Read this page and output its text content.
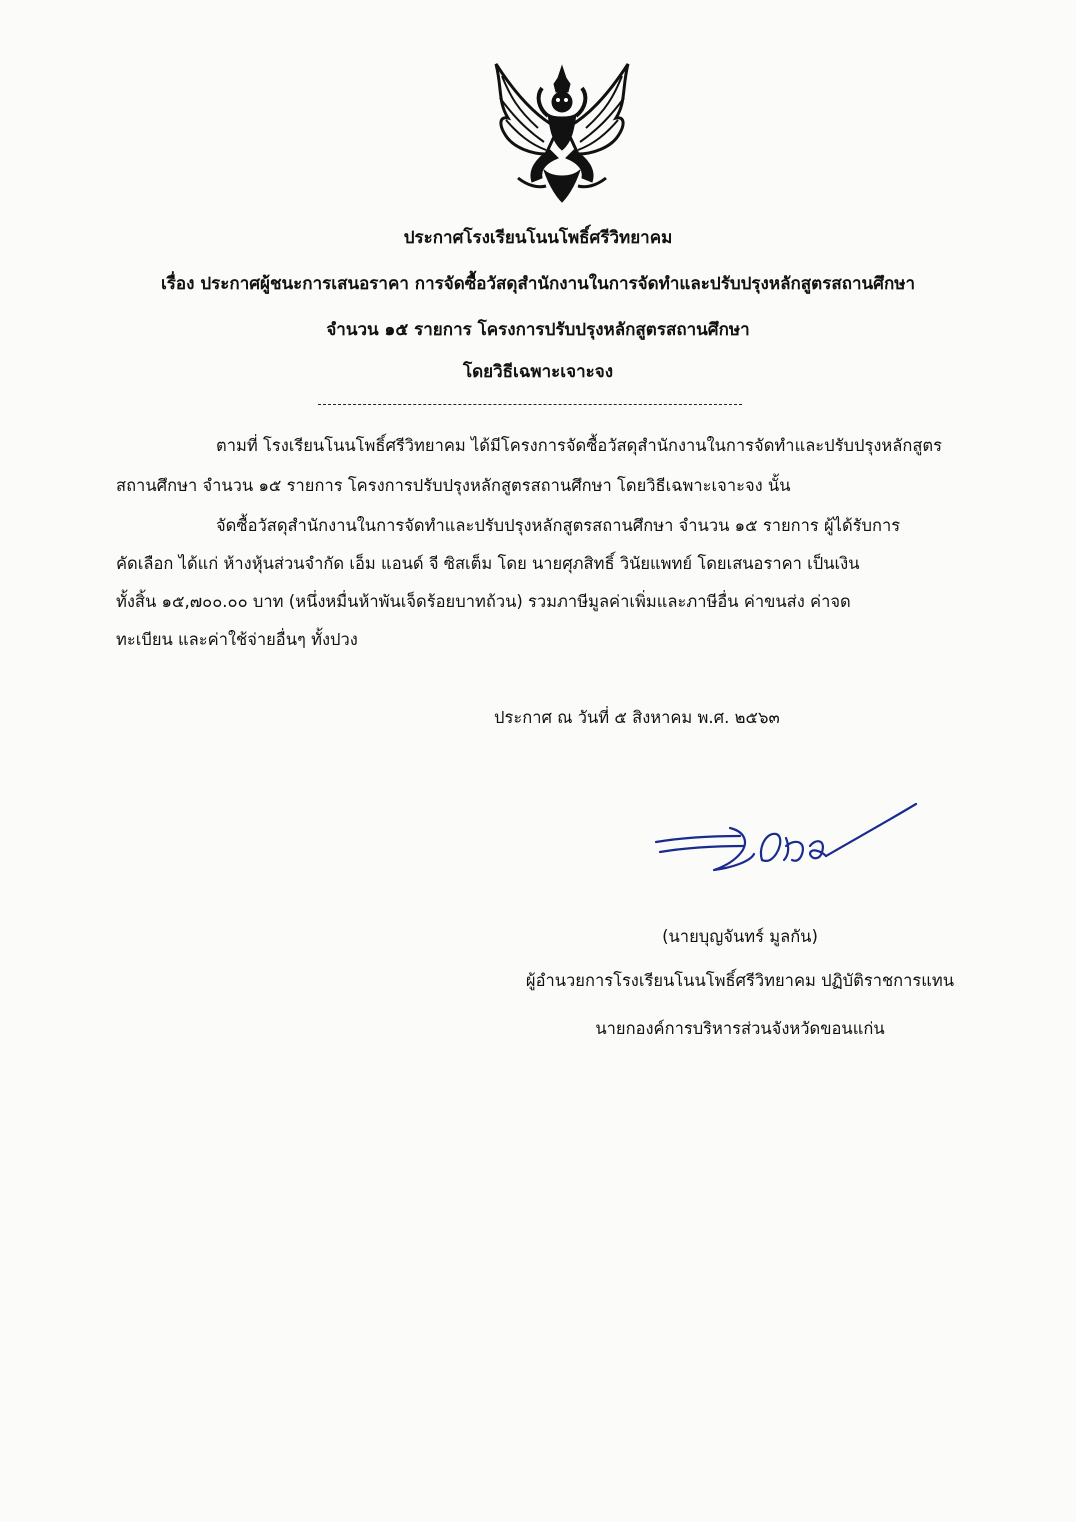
ประกาศโรงเรียนโนนโพธิ์ศรีวิทยาคม
เรื่อง ประกาศผู้ชนะการเสนอราคา การจัดซื้อวัสดุสำนักงานในการจัดทำและปรับปรุงหลักสูตรสถานศึกษา
จำนวน ๑๕ รายการ โครงการปรับปรุงหลักสูตรสถานศึกษา
โดยวิธีเฉพาะเจาะจง
ตามที่ โรงเรียนโนนโพธิ์ศรีวิทยาคม ได้มีโครงการจัดซื้อวัสดุสำนักงานในการจัดทำและปรับปรุงหลักสูตร
สถานศึกษา จำนวน ๑๕ รายการ โครงการปรับปรุงหลักสูตรสถานศึกษา โดยวิธีเฉพาะเจาะจง นั้น
จัดซื้อวัสดุสำนักงานในการจัดทำและปรับปรุงหลักสูตรสถานศึกษา จำนวน ๑๕ รายการ ผู้ได้รับการ
คัดเลือก ได้แก่ ห้างหุ้นส่วนจำกัด เอ็ม แอนด์ จี ซิสเต็ม โดย นายศุภสิทธิ์ วินัยแพทย์ โดยเสนอราคา เป็นเงิน
ทั้งสิ้น ๑๕,๗๐๐.๐๐ บาท (หนึ่งหมื่นห้าพันเจ็ดร้อยบาทถ้วน) รวมภาษีมูลค่าเพิ่มและภาษีอื่น ค่าขนส่ง ค่าจด
ทะเบียน และค่าใช้จ่ายอื่นๆ ทั้งปวง
ประกาศ ณ วันที่ ๕ สิงหาคม พ.ศ. ๒๕๖๓
(นายบุญจันทร์ มูลกัน)
ผู้อำนวยการโรงเรียนโนนโพธิ์ศรีวิทยาคม ปฏิบัติราชการแทน
นายกองค์การบริหารส่วนจังหวัดขอนแก่น
